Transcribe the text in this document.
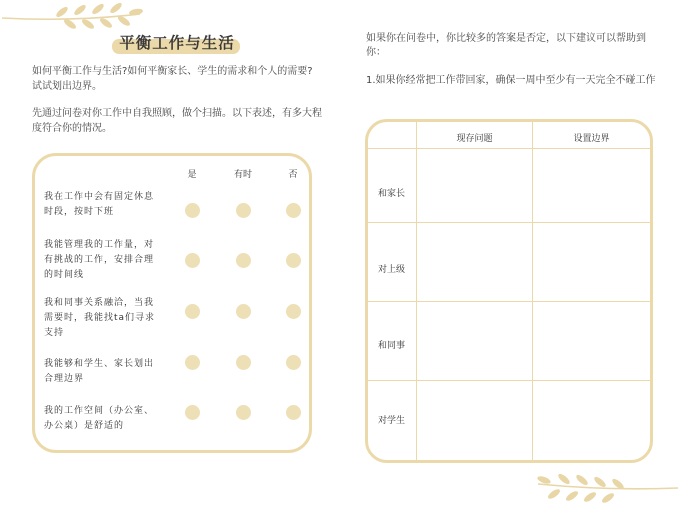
平衡工作与生活
如何平衡工作与生活?如何平衡家长、学生的需求和个人的需要?试试划出边界。
先通过问卷对你工作中自我照顾，做个扫描。以下表述，有多大程度符合你的情况。
是	有时	否
我在工作中会有固定休息时段，按时下班
我能管理我的工作量，对有挑战的工作，安排合理的时间线
我和同事关系融洽，当我需要时，我能找ta们寻求支持
我能够和学生、家长划出合理边界
我的工作空间（办公室、办公桌）是舒适的
如果你在问卷中，你比较多的答案是否定，以下建议可以帮助到你：
1.如果你经常把工作带回家，确保一周中至少有一天完全不碰工作
现存问题	设置边界
和家长
对上级
和同事
对学生
